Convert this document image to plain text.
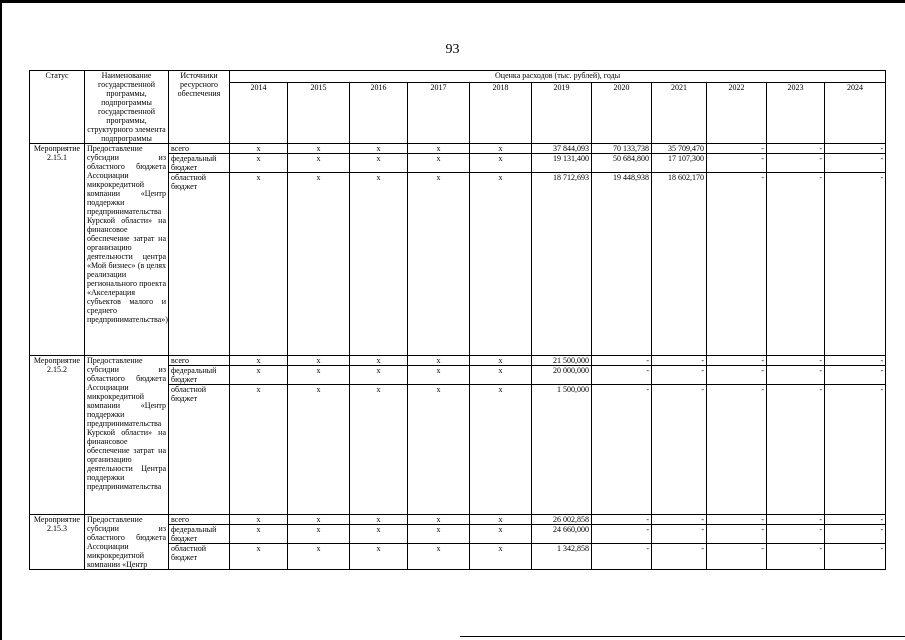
93
Статус	Наименование государственной программы, подпрограммы государственной программы, структурного элемента подпрограммы	Источники ресурсного обеспечения	Оценка расходов (тыс. рублей), годы										
			2014	2015	2016	2017	2018	2019	2020	2021	2022	2023	2024
Мероприятие 2.15.1	Предоставление субсидии из областного бюджета Ассоциации микрокредитной компании «Центр поддержки предпринимательства Курской области» на финансовое обеспечение затрат на организацию деятельности центра «Мой бизнес» (в целях реализации регионального проекта «Акселерация субъектов малого и среднего предпринимательства»)	всего	x	x	x	x	x	37 844,093	70 133,738	35 709,470	-	-	-
		федеральный бюджет	x	x	x	x	x	19 131,400	50 684,800	17 107,300	-	-	-
		областной бюджет	x	x	x	x	x	18 712,693	19 448,938	18 602,170	-	-	-
Мероприятие 2.15.2	Предоставление субсидии из областного бюджета Ассоциации микрокредитной компании «Центр поддержки предпринимательства Курской области» на финансовое обеспечение затрат на организацию деятельности Центра поддержки предпринимательства	всего	x	x	x	x	x	21 500,000	-	-	-	-	-
		федеральный бюджет	x	x	x	x	x	20 000,000	-	-	-	-	-
		областной бюджет	x	x	x	x	x	1 500,000	-	-	-	-	-
Мероприятие 2.15.3	Предоставление субсидии из областного бюджета Ассоциации микрокредитной компании «Центр	всего	x	x	x	x	x	26 002,858	-	-	-	-	-
		федеральный бюджет	x	x	x	x	x	24 660,000	-	-	-	-	-
		областной бюджет	x	x	x	x	x	1 342,858	-	-	-	-	-
